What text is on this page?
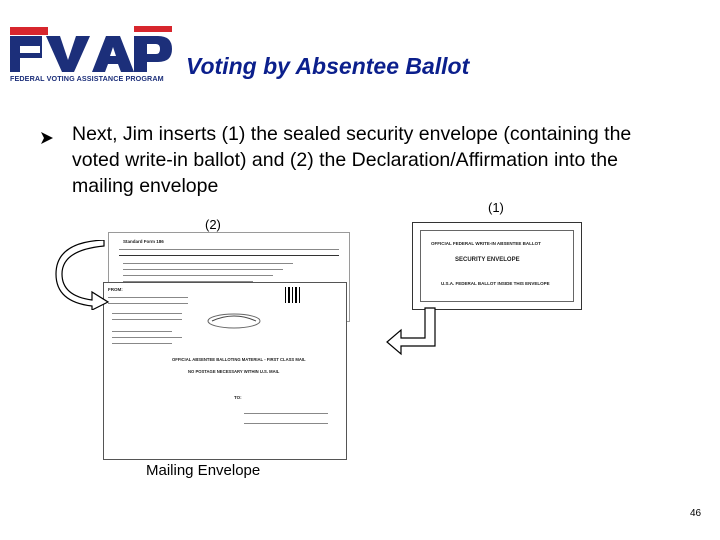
FEDERAL VOTING ASSISTANCE PROGRAM Voting by Absentee Ballot
Next, Jim inserts (1) the sealed security envelope (containing the voted write-in ballot) and (2) the Declaration/Affirmation into the mailing envelope
(1)
(2)
Standard Form 186
FROM:
OFFICIAL ABSENTEE BALLOTING MATERIAL - FIRST CLASS MAIL
NO POSTAGE NECESSARY WITHIN U.S. MAIL
TO:
OFFICIAL FEDERAL WRITE-IN ABSENTEE BALLOT
SECURITY ENVELOPE
U.S.A. FEDERAL BALLOT INSIDE THIS ENVELOPE
Mailing Envelope
46
